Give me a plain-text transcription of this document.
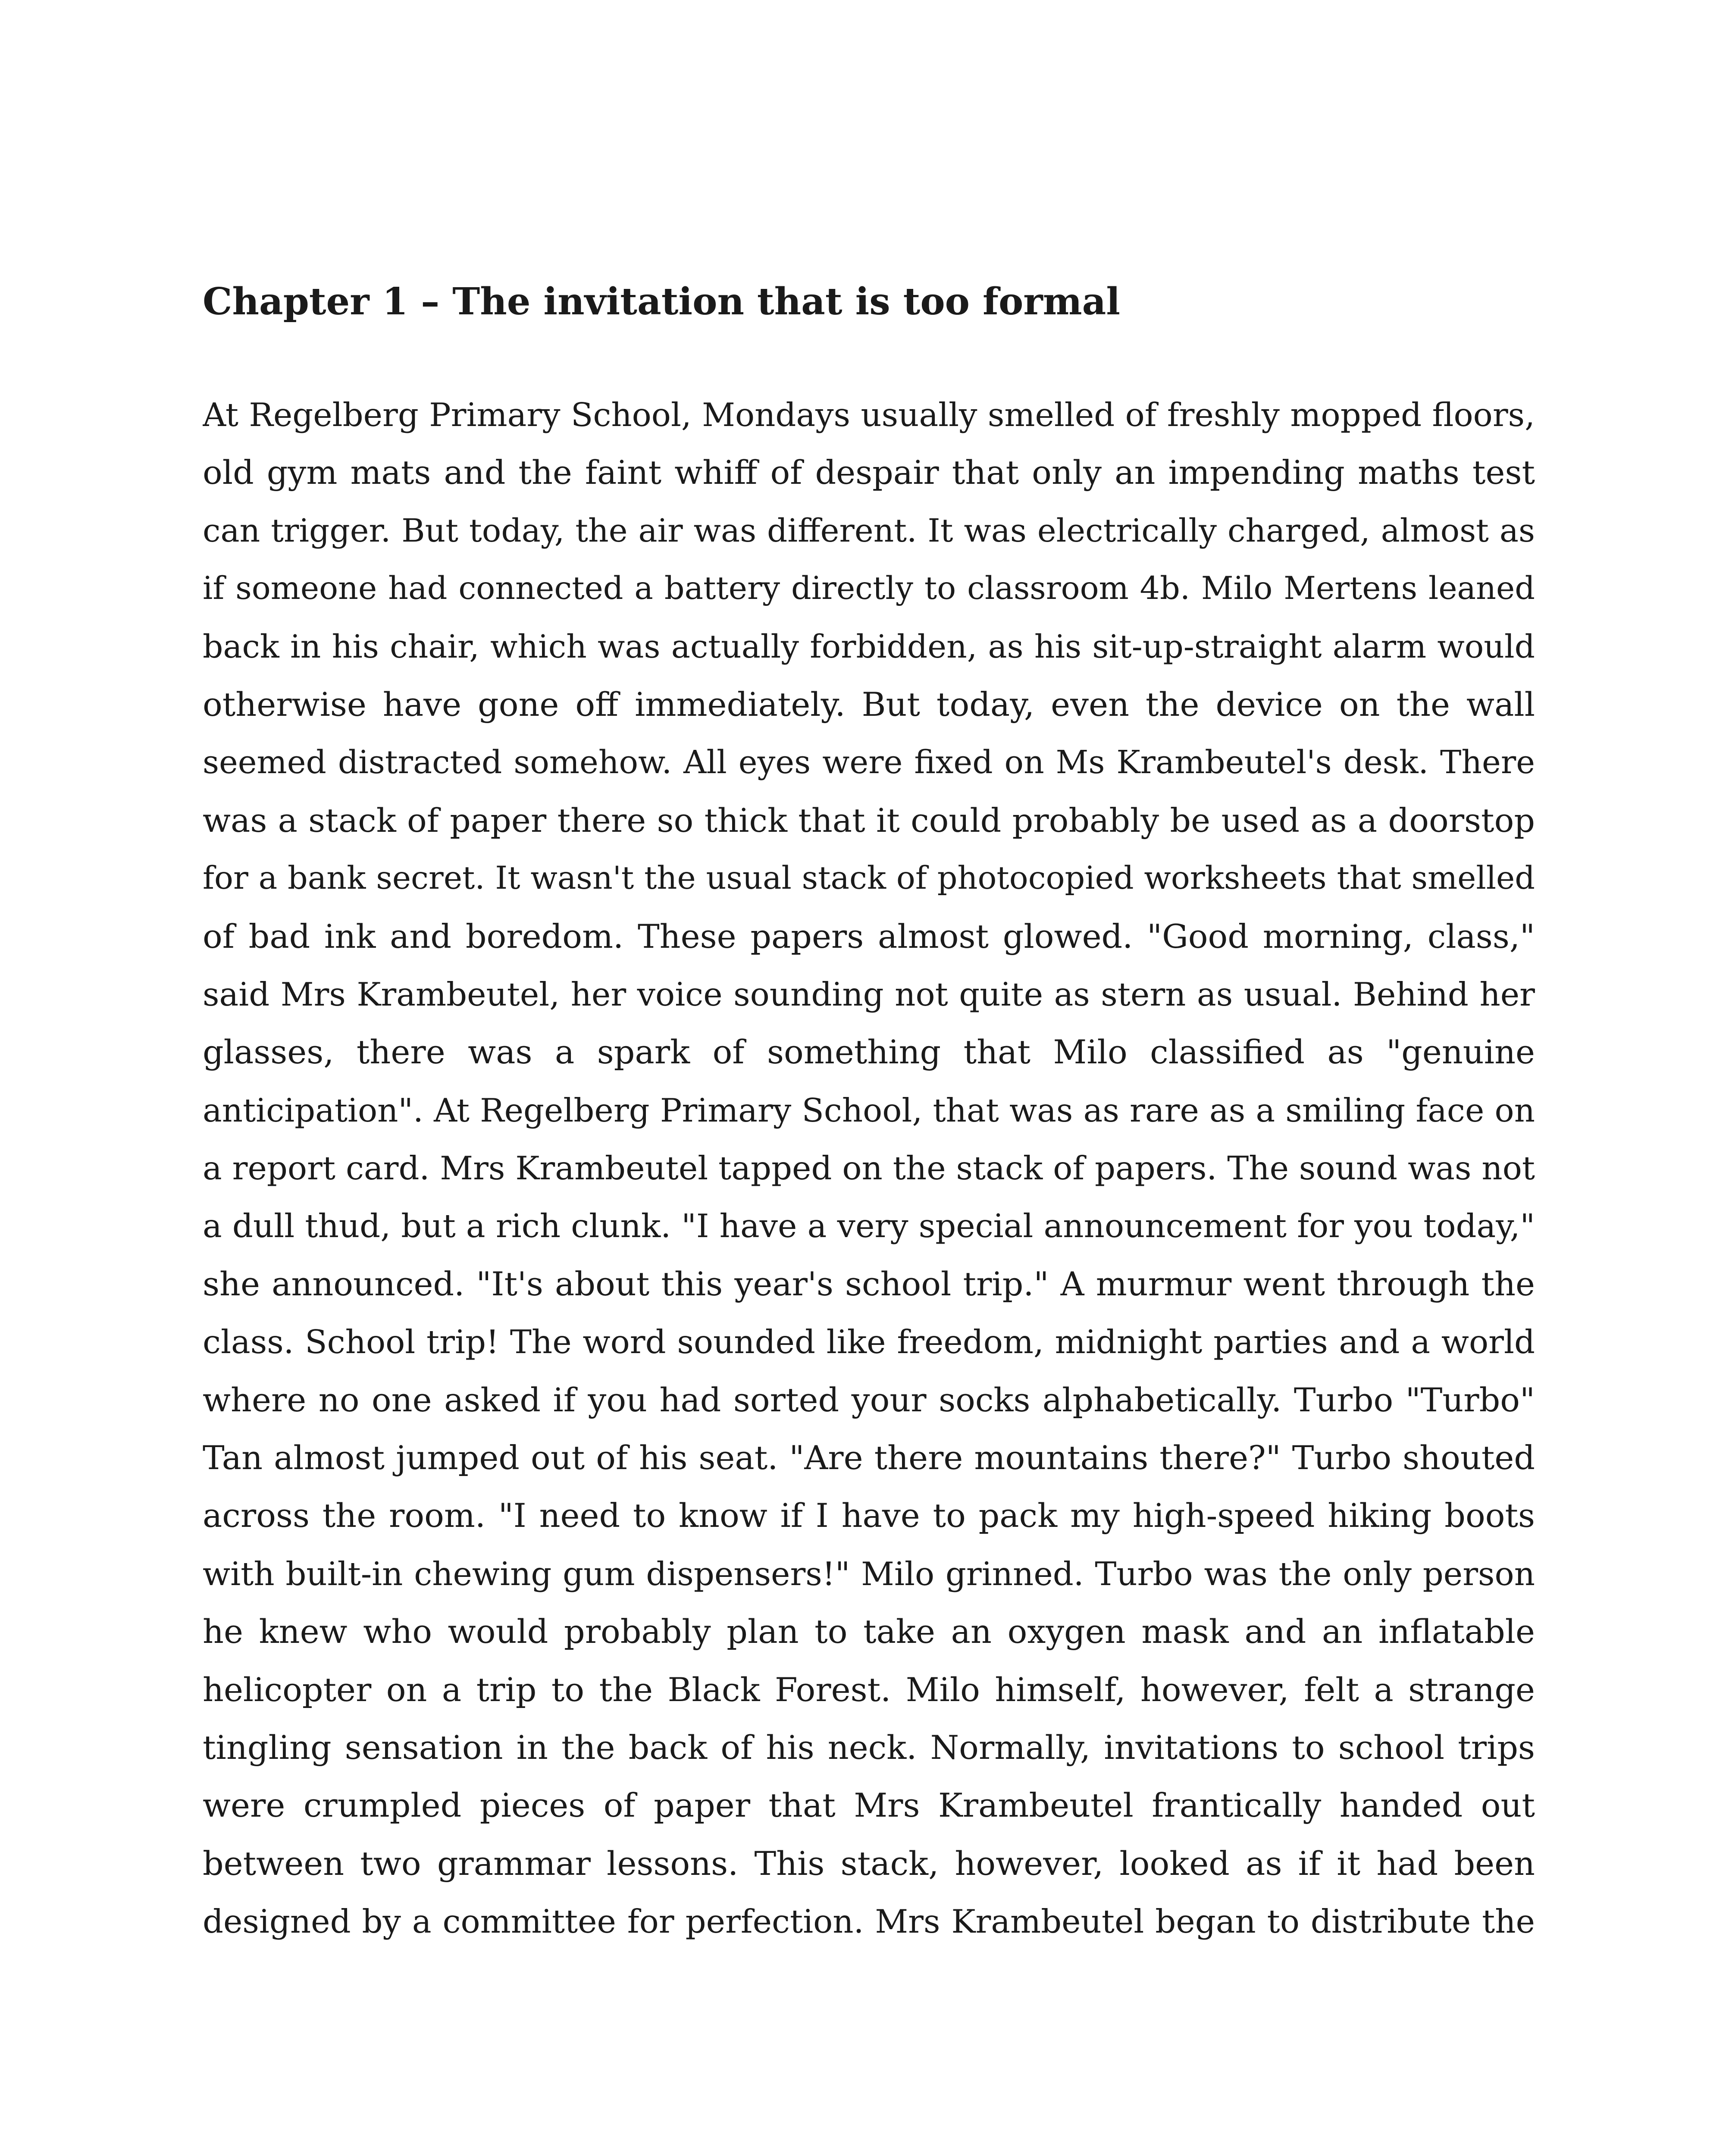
Chapter 1 – The invitation that is too formal
At Regelberg Primary School, Mondays usually smelled of freshly mopped floors,
old gym mats and the faint whiff of despair that only an impending maths test
can trigger. But today, the air was different. It was electrically charged, almost as
if someone had connected a battery directly to classroom 4b. Milo Mertens leaned
back in his chair, which was actually forbidden, as his sit-up-straight alarm would
otherwise have gone off immediately. But today, even the device on the wall
seemed distracted somehow. All eyes were fixed on Ms Krambeutel's desk. There
was a stack of paper there so thick that it could probably be used as a doorstop
for a bank secret. It wasn't the usual stack of photocopied worksheets that smelled
of bad ink and boredom. These papers almost glowed. "Good morning, class,"
said Mrs Krambeutel, her voice sounding not quite as stern as usual. Behind her
glasses, there was a spark of something that Milo classified as "genuine
anticipation". At Regelberg Primary School, that was as rare as a smiling face on
a report card. Mrs Krambeutel tapped on the stack of papers. The sound was not
a dull thud, but a rich clunk. "I have a very special announcement for you today,"
she announced. "It's about this year's school trip." A murmur went through the
class. School trip! The word sounded like freedom, midnight parties and a world
where no one asked if you had sorted your socks alphabetically. Turbo "Turbo"
Tan almost jumped out of his seat. "Are there mountains there?" Turbo shouted
across the room. "I need to know if I have to pack my high-speed hiking boots
with built-in chewing gum dispensers!" Milo grinned. Turbo was the only person
he knew who would probably plan to take an oxygen mask and an inflatable
helicopter on a trip to the Black Forest. Milo himself, however, felt a strange
tingling sensation in the back of his neck. Normally, invitations to school trips
were crumpled pieces of paper that Mrs Krambeutel frantically handed out
between two grammar lessons. This stack, however, looked as if it had been
designed by a committee for perfection. Mrs Krambeutel began to distribute the
